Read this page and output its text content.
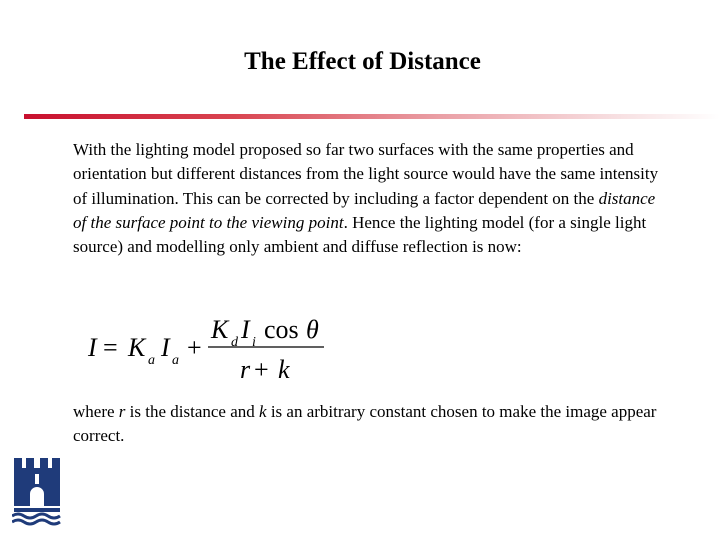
The Effect of Distance

With the lighting model proposed so far two surfaces with the same properties and orientation but different distances from the light source would have the same intensity of illumination. This can be corrected by including a factor dependent on the distance of the surface point to the viewing point. Hence the lighting model (for a single light source) and modelling only ambient and diffuse reflection is now:

I = K a I a +
K d I i cos θ
r + k

where r is the distance and k is an arbitrary constant chosen to make the image appear correct.
